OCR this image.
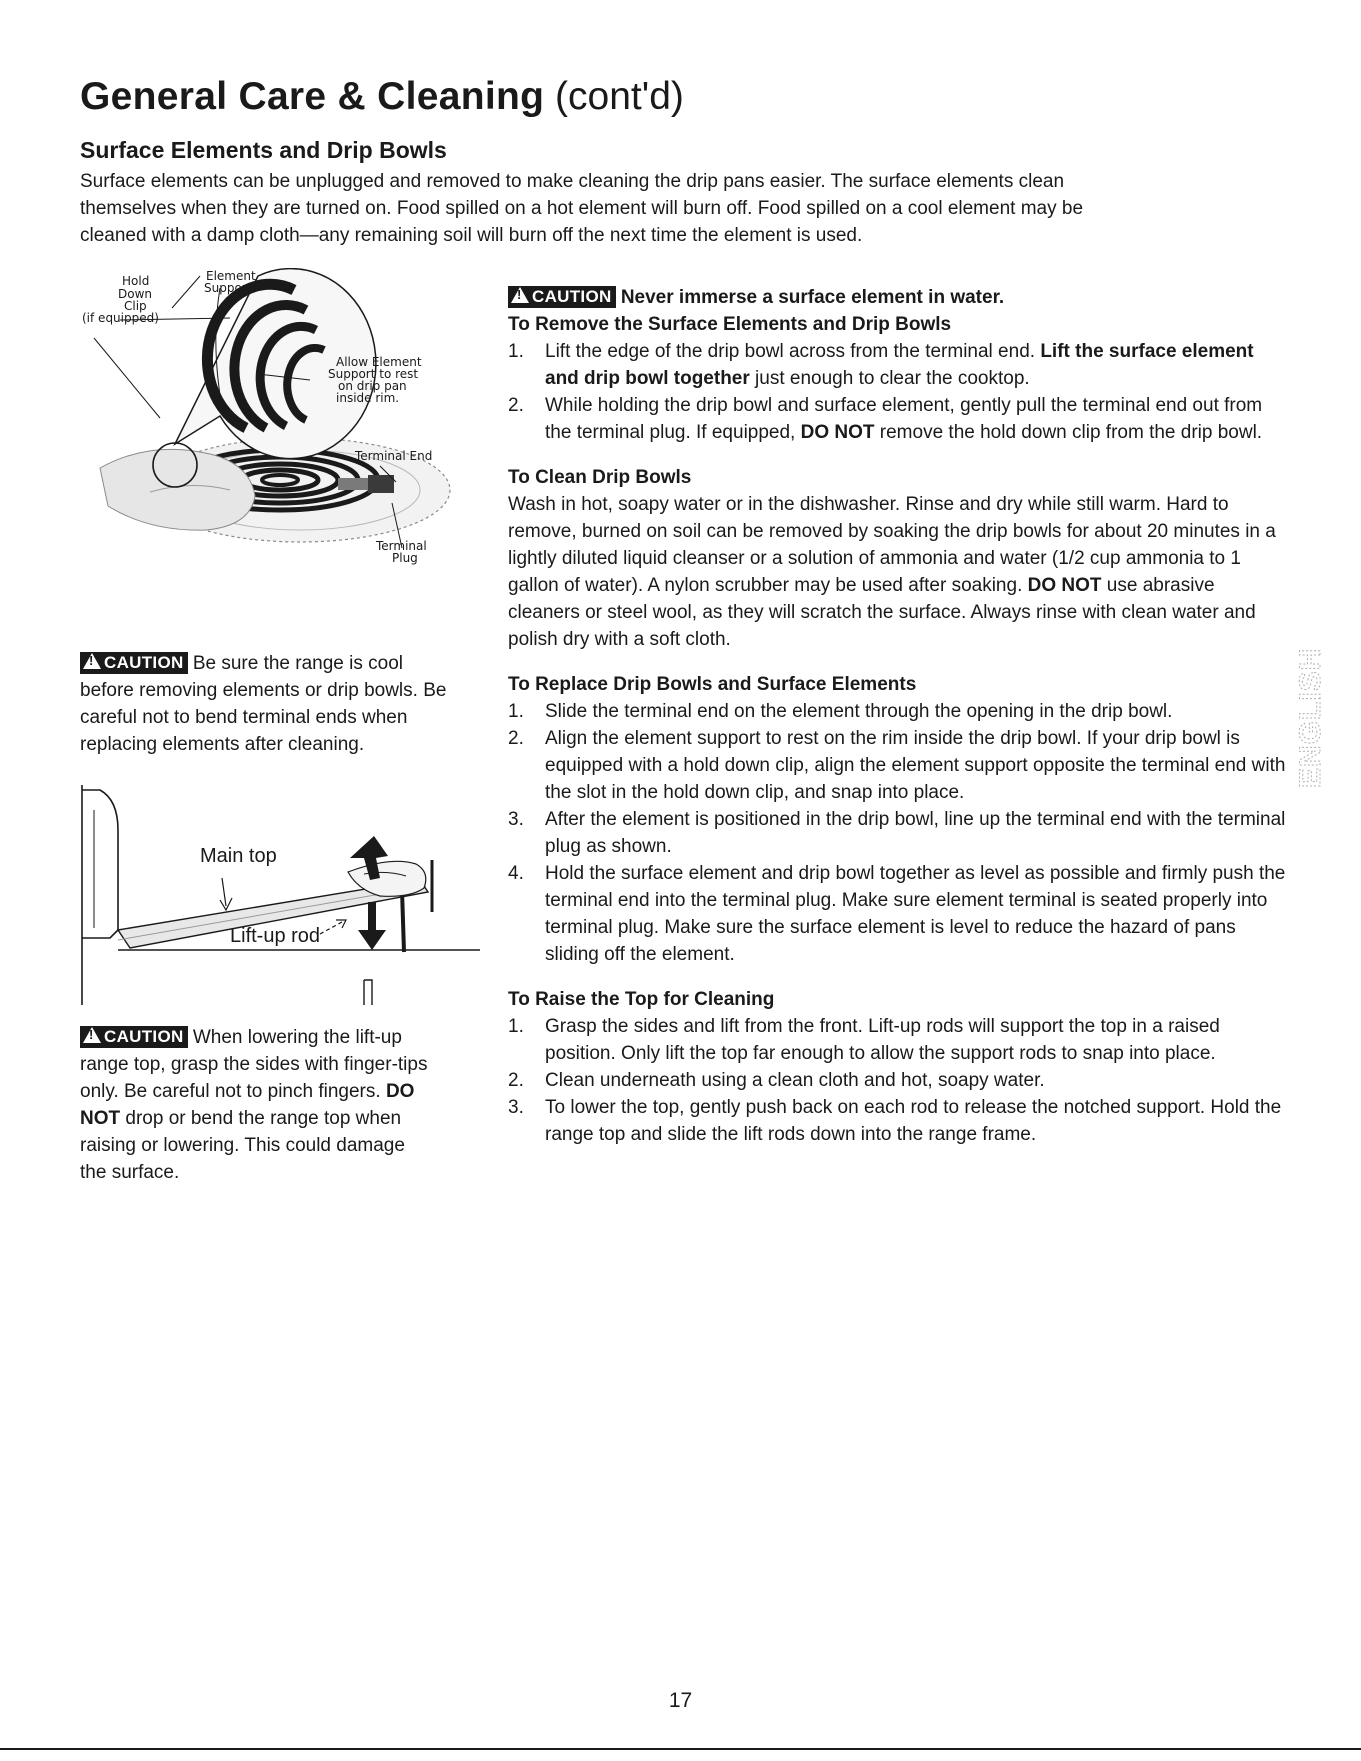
General Care & Cleaning (cont'd)
Surface Elements and Drip Bowls

Surface elements can be unplugged and removed to make cleaning the drip pans easier. The surface elements clean

themselves when they are turned on. Food spilled on a hot element will burn off. Food spilled on a cool element may be

cleaned with a damp cloth—any remaining soil will burn off the next time the element is used.

Hold
Down
Clip
(if equipped)
Element
Support
Allow Element
Support to rest
on drip pan
inside rim.
Terminal End
Terminal
Plug

!CAUTION Be sure the range is cool

before removing elements or drip bowls. Be

careful not to bend terminal ends when

replacing elements after cleaning.

Main top
Lift-up rod

!CAUTION When lowering the lift-up

range top, grasp the sides with finger-tips

only. Be careful not to pinch fingers. DO

NOT drop or bend the range top when

raising or lowering. This could damage

the surface.

!CAUTION Never immerse a surface element in water.

To Remove the Surface Elements and Drip Bowls
1.	Lift the edge of the drip bowl across from the terminal end. Lift the surface element and drip bowl together just enough to clear the cooktop.
2.	While holding the drip bowl and surface element, gently pull the terminal end out from the terminal plug. If equipped, DO NOT remove the hold down clip from the drip bowl.
To Clean Drip Bowls

Wash in hot, soapy water or in the dishwasher. Rinse and dry while still warm. Hard to remove, burned on soil can be removed by soaking the drip bowls for about 20 minutes in a lightly diluted liquid cleanser or a solution of ammonia and water (1/2 cup ammonia to 1 gallon of water). A nylon scrubber may be used after soaking. DO NOT use abrasive cleaners or steel wool, as they will scratch the surface. Always rinse with clean water and polish dry with a soft cloth.

To Replace Drip Bowls and Surface Elements
1.	Slide the terminal end on the element through the opening in the drip bowl.
2.	Align the element support to rest on the rim inside the drip bowl. If your drip bowl is equipped with a hold down clip, align the element support opposite the terminal end with the slot in the hold down clip, and snap into place.
3.	After the element is positioned in the drip bowl, line up the terminal end with the terminal plug as shown.
4.	Hold the surface element and drip bowl together as level as possible and firmly push the terminal end into the terminal plug. Make sure element terminal is seated properly into terminal plug. Make sure the surface element is level to reduce the hazard of pans sliding off the element.
To Raise the Top for Cleaning
1.	Grasp the sides and lift from the front. Lift-up rods will support the top in a raised position. Only lift the top far enough to allow the support rods to snap into place.
2.	Clean underneath using a clean cloth and hot, soapy water.
3.	To lower the top, gently push back on each rod to release the notched support. Hold the range top and slide the lift rods down into the range frame.
ENGLISH
17
